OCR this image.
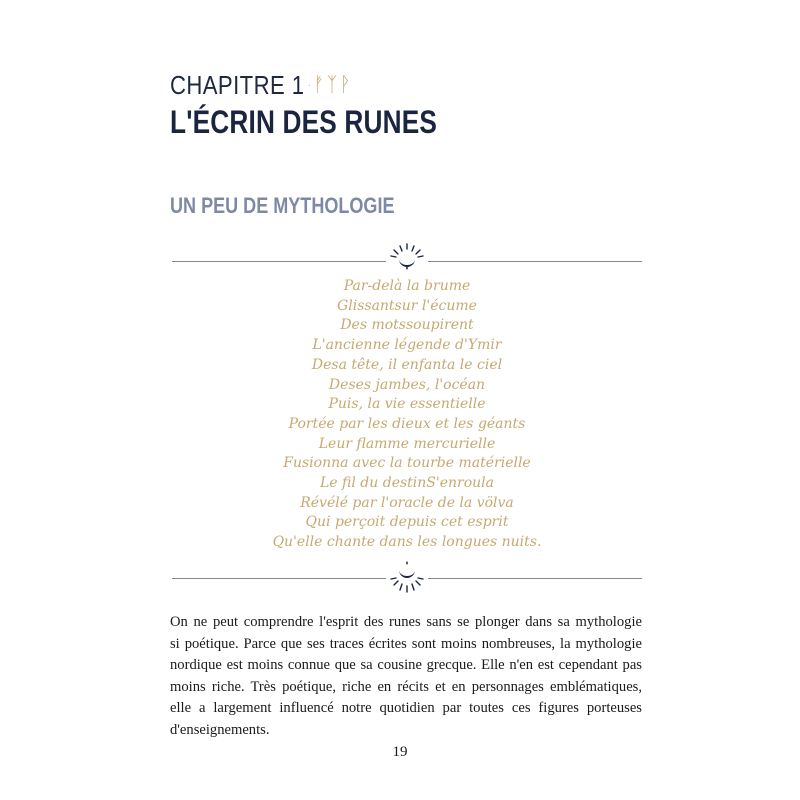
CHAPITRE 1 · ᚠ ᛉ ᚹ
L'ÉCRIN DES RUNES
UN PEU DE MYTHOLOGIE
Par-delà la brume
Glissantsur l'écume
Des motssoupirent
L'ancienne légende d'Ymir
Desa tête, il enfanta le ciel
Deses jambes, l'océan
Puis, la vie essentielle
Portée par les dieux et les géants
Leur flamme mercurielle
Fusionna avec la tourbe matérielle
Le fil du destinS'enroula
Révélé par l'oracle de la völva
Qui perçoit depuis cet esprit
Qu'elle chante dans les longues nuits.
On ne peut comprendre l'esprit des runes sans se plonger dans sa mythologie
si poétique. Parce que ses traces écrites sont moins nombreuses, la mythologie
nordique est moins connue que sa cousine grecque. Elle n'en est cependant pas
moins riche. Très poétique, riche en récits et en personnages emblématiques,
elle a largement influencé notre quotidien par toutes ces figures porteuses
d'enseignements.
19
